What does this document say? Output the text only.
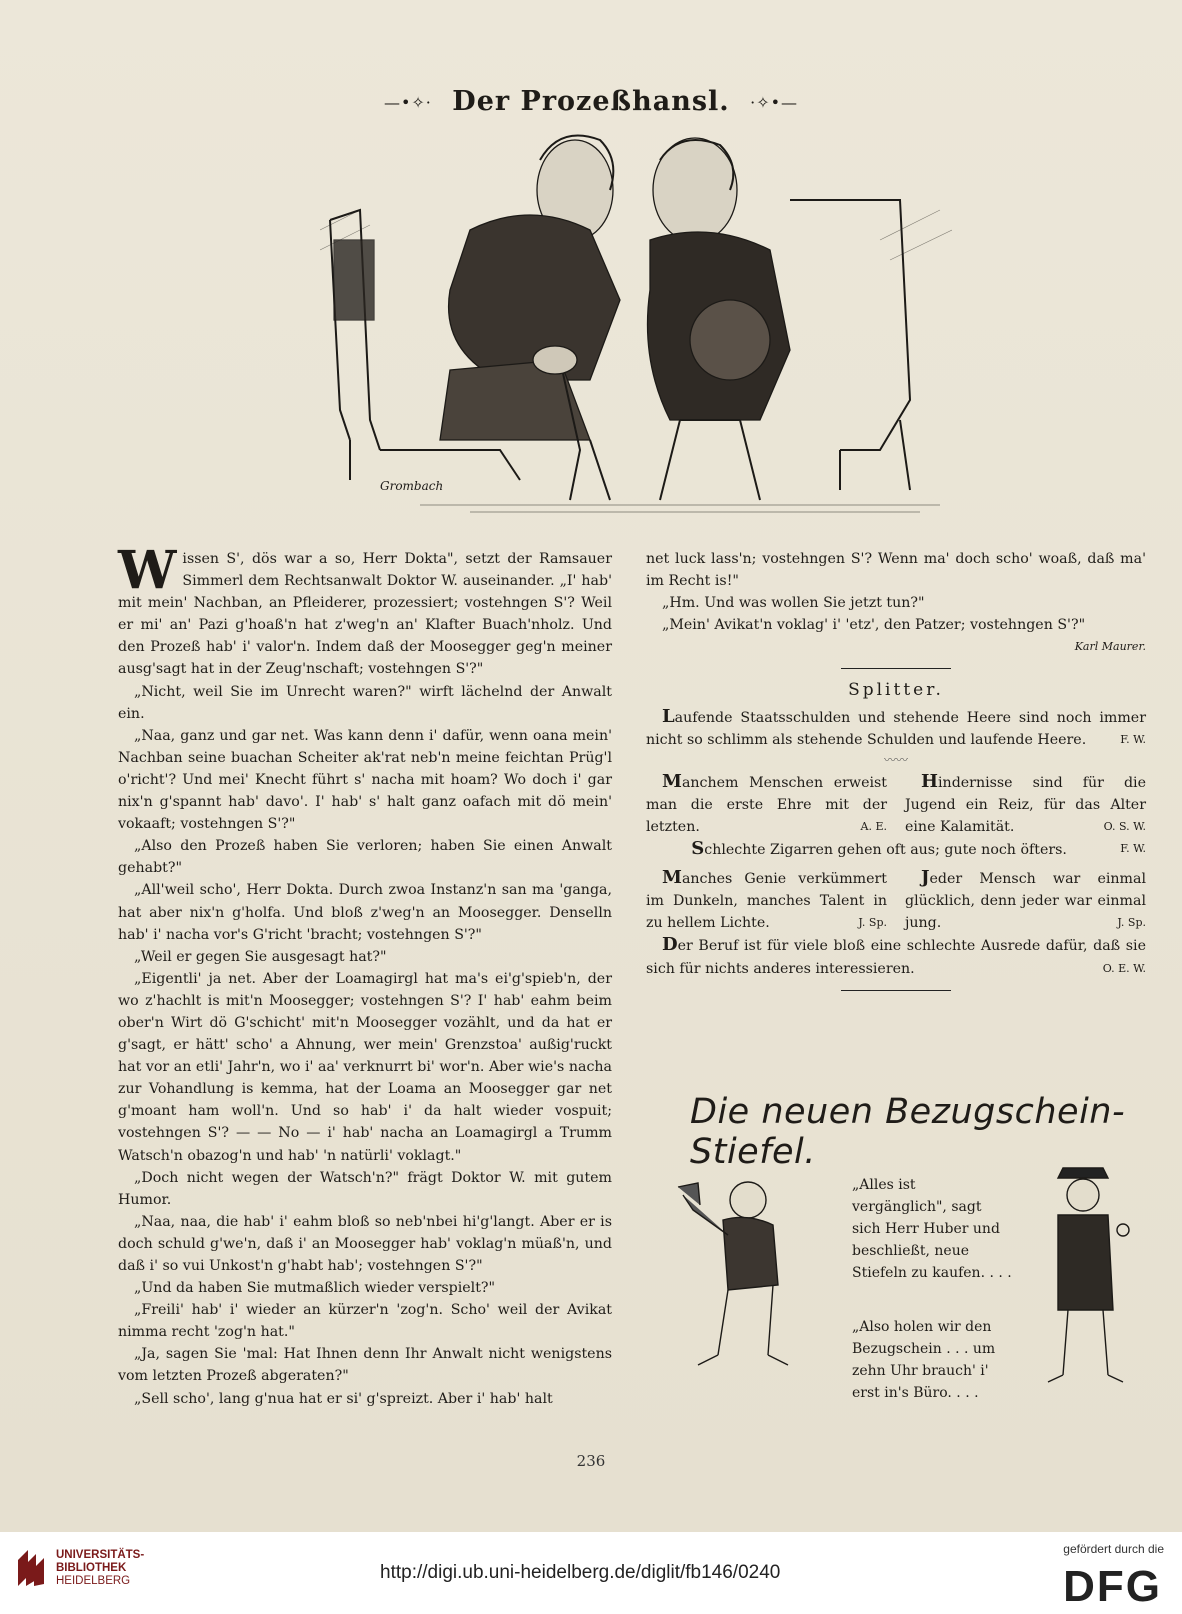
—•✧· Der Prozeßhansl. ·✧•—
Grombach

Wissen S', dös war a so, Herr Dokta", setzt der Ramsauer Simmerl dem Rechtsanwalt Doktor W. auseinander. „I' hab' mit mein' Nachban, an Pfleiderer, prozessiert; vostehngen S'? Weil er mi' an' Pazi g'hoaß'n hat z'weg'n an' Klafter Buach'nholz. Und den Prozeß hab' i' valor'n. Indem daß der Moosegger geg'n meiner ausg'sagt hat in der Zeug'nschaft; vostehngen S'?"

„Nicht, weil Sie im Unrecht waren?" wirft lächelnd der Anwalt ein.

„Naa, ganz und gar net. Was kann denn i' dafür, wenn oana mein' Nachban seine buachan Scheiter ak'rat neb'n meine feichtan Prüg'l o'richt'? Und mei' Knecht führt s' nacha mit hoam? Wo doch i' gar nix'n g'spannt hab' davo'. I' hab' s' halt ganz oafach mit dö mein' vokaaft; vostehngen S'?"

„Also den Prozeß haben Sie verloren; haben Sie einen Anwalt gehabt?"

„All'weil scho', Herr Dokta. Durch zwoa Instanz'n san ma 'ganga, hat aber nix'n g'holfa. Und bloß z'weg'n an Moosegger. Denselln hab' i' nacha vor's G'richt 'bracht; vostehngen S'?"

„Weil er gegen Sie ausgesagt hat?"

„Eigentli' ja net. Aber der Loamagirgl hat ma's ei'g'spieb'n, der wo z'hachlt is mit'n Moosegger; vostehngen S'? I' hab' eahm beim ober'n Wirt dö G'schicht' mit'n Moosegger vozählt, und da hat er g'sagt, er hätt' scho' a Ahnung, wer mein' Grenzstoa' außig'ruckt hat vor an etli' Jahr'n, wo i' aa' verknurrt bi' wor'n. Aber wie's nacha zur Vohandlung is kemma, hat der Loama an Moosegger gar net g'moant ham woll'n. Und so hab' i' da halt wieder vospuit; vostehngen S'? — — No — i' hab' nacha an Loamagirgl a Trumm Watsch'n obazog'n und hab' 'n natürli' voklagt."

„Doch nicht wegen der Watsch'n?" frägt Doktor W. mit gutem Humor.

„Naa, naa, die hab' i' eahm bloß so neb'nbei hi'g'langt. Aber er is doch schuld g'we'n, daß i' an Moosegger hab' voklag'n müaß'n, und daß i' so vui Unkost'n g'habt hab'; vostehngen S'?"

„Und da haben Sie mutmaßlich wieder verspielt?"

„Freili' hab' i' wieder an kürzer'n 'zog'n. Scho' weil der Avikat nimma recht 'zog'n hat."

„Ja, sagen Sie 'mal: Hat Ihnen denn Ihr Anwalt nicht wenigstens vom letzten Prozeß abgeraten?"

„Sell scho', lang g'nua hat er si' g'spreizt. Aber i' hab' halt

net luck lass'n; vostehngen S'? Wenn ma' doch scho' woaß, daß ma' im Recht is!"

„Hm. Und was wollen Sie jetzt tun?"

„Mein' Avikat'n voklag' i' 'etz', den Patzer; vostehngen S'?"

Karl Maurer.
Splitter.

Laufende Staatsschulden und stehende Heere sind noch immer nicht so schlimm als stehende Schulden und laufende Heere.	F. W.

〰〰

Manchem Menschen erweist man die erste Ehre mit der letzten.	A. E.

Hindernisse sind für die Jugend ein Reiz, für das Alter eine Kalamität.	O. S. W.

Schlechte Zigarren gehen oft aus; gute noch öfters.	F. W.

Manches Genie verkümmert im Dunkeln, manches Talent in zu hellem Lichte.	J. Sp.

Jeder Mensch war einmal glücklich, denn jeder war einmal jung.	J. Sp.

Der Beruf ist für viele bloß eine schlechte Ausrede dafür, daß sie sich für nichts anderes interessieren.	O. E. W.

Die neuen Bezugschein-Stiefel.
„Alles ist vergänglich", sagt sich Herr Huber und beschließt, neue Stiefeln zu kaufen. . . .
„Also holen wir den Bezugschein . . . um zehn Uhr brauch' i' erst in's Büro. . . .
236
UNIVERSITÄTS-
BIBLIOTHEK
HEIDELBERG	http://digi.ub.uni-heidelberg.de/diglit/fb146/0240
gefördert durch die
DFG
